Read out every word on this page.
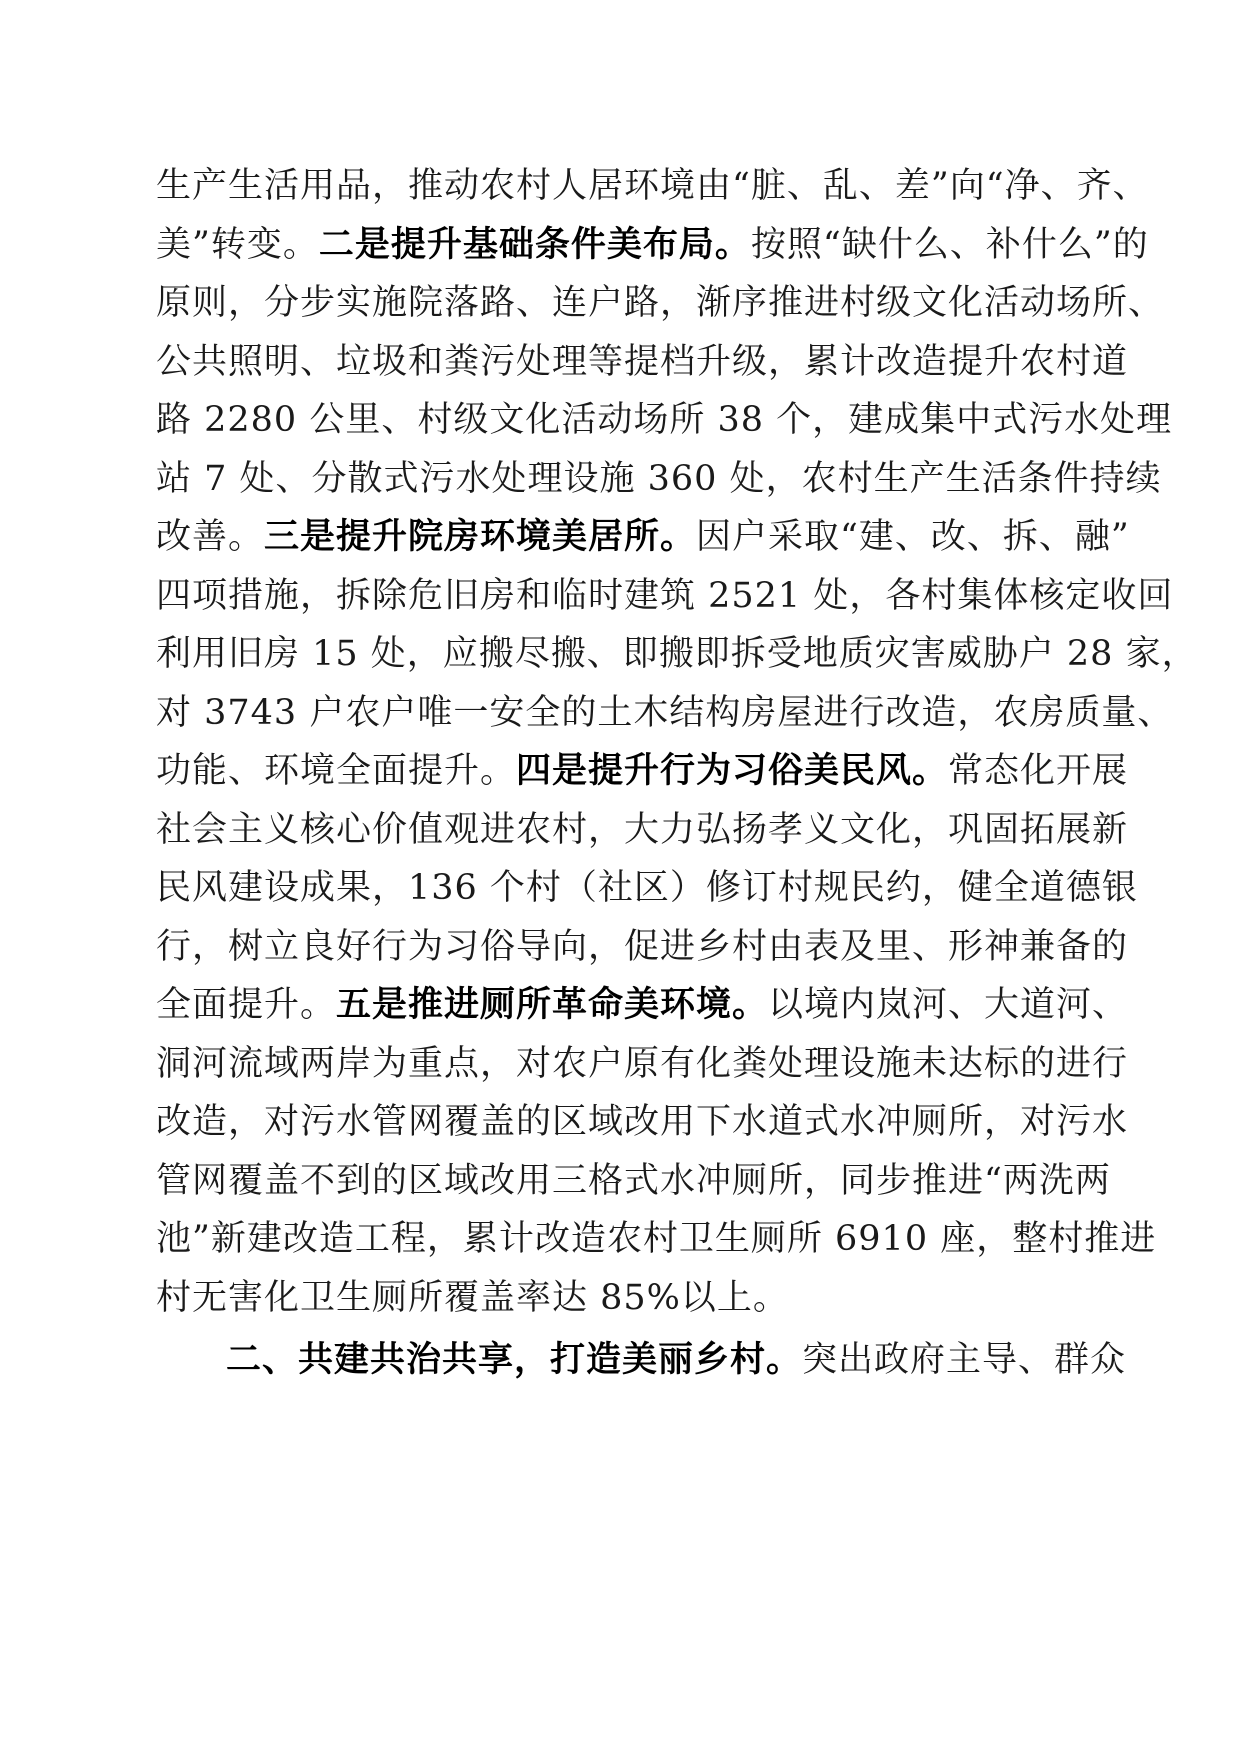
生产生活用品，推动农村人居环境由“脏、乱、差”向“净、齐、
美”转变。二是提升基础条件美布局。按照“缺什么、补什么”的
原则，分步实施院落路、连户路，渐序推进村级文化活动场所、
公共照明、垃圾和粪污处理等提档升级，累计改造提升农村道
路 2280 公里、村级文化活动场所 38 个，建成集中式污水处理
站 7 处、分散式污水处理设施 360 处，农村生产生活条件持续
改善。三是提升院房环境美居所。因户采取“建、改、拆、融”
四项措施，拆除危旧房和临时建筑 2521 处，各村集体核定收回
利用旧房 15 处，应搬尽搬、即搬即拆受地质灾害威胁户 28 家，
对 3743 户农户唯一安全的土木结构房屋进行改造，农房质量、
功能、环境全面提升。四是提升行为习俗美民风。常态化开展
社会主义核心价值观进农村，大力弘扬孝义文化，巩固拓展新
民风建设成果，136 个村（社区）修订村规民约，健全道德银
行，树立良好行为习俗导向，促进乡村由表及里、形神兼备的
全面提升。五是推进厕所革命美环境。以境内岚河、大道河、
洞河流域两岸为重点，对农户原有化粪处理设施未达标的进行
改造，对污水管网覆盖的区域改用下水道式水冲厕所，对污水
管网覆盖不到的区域改用三格式水冲厕所，同步推进“两洗两
池”新建改造工程，累计改造农村卫生厕所 6910 座，整村推进
村无害化卫生厕所覆盖率达 85%以上。
二、共建共治共享，打造美丽乡村。突出政府主导、群众
